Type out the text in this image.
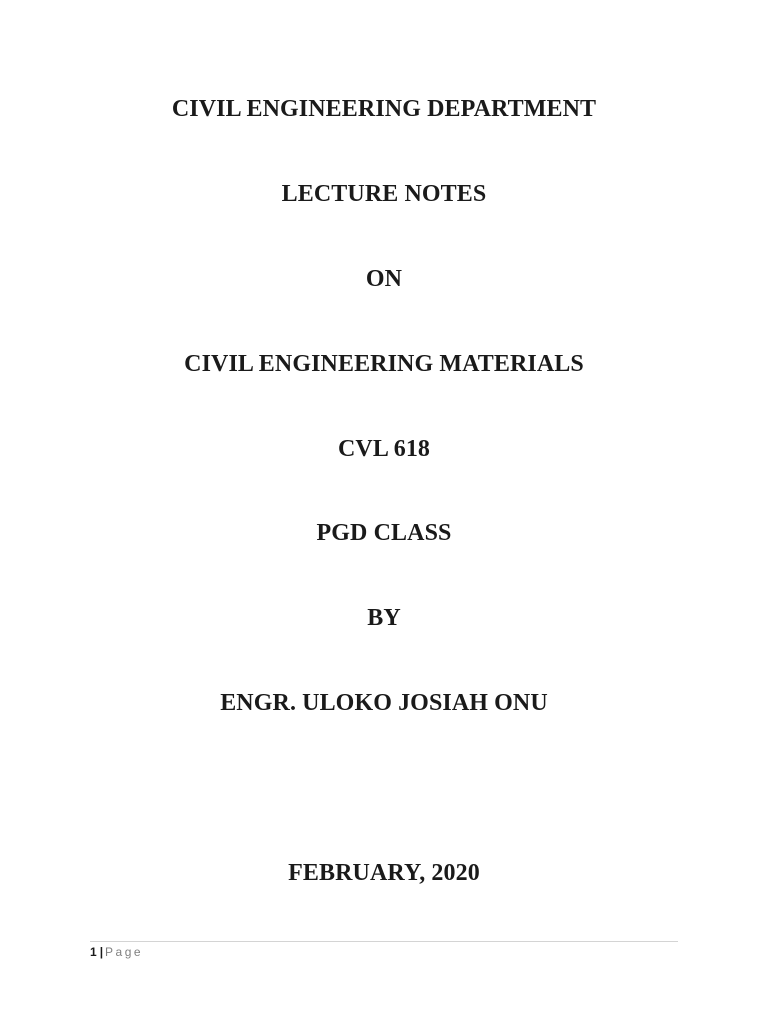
CIVIL ENGINEERING DEPARTMENT
LECTURE NOTES
ON
CIVIL ENGINEERING MATERIALS
CVL 618
PGD CLASS
BY
ENGR. ULOKO JOSIAH ONU
FEBRUARY, 2020
1 | Page
